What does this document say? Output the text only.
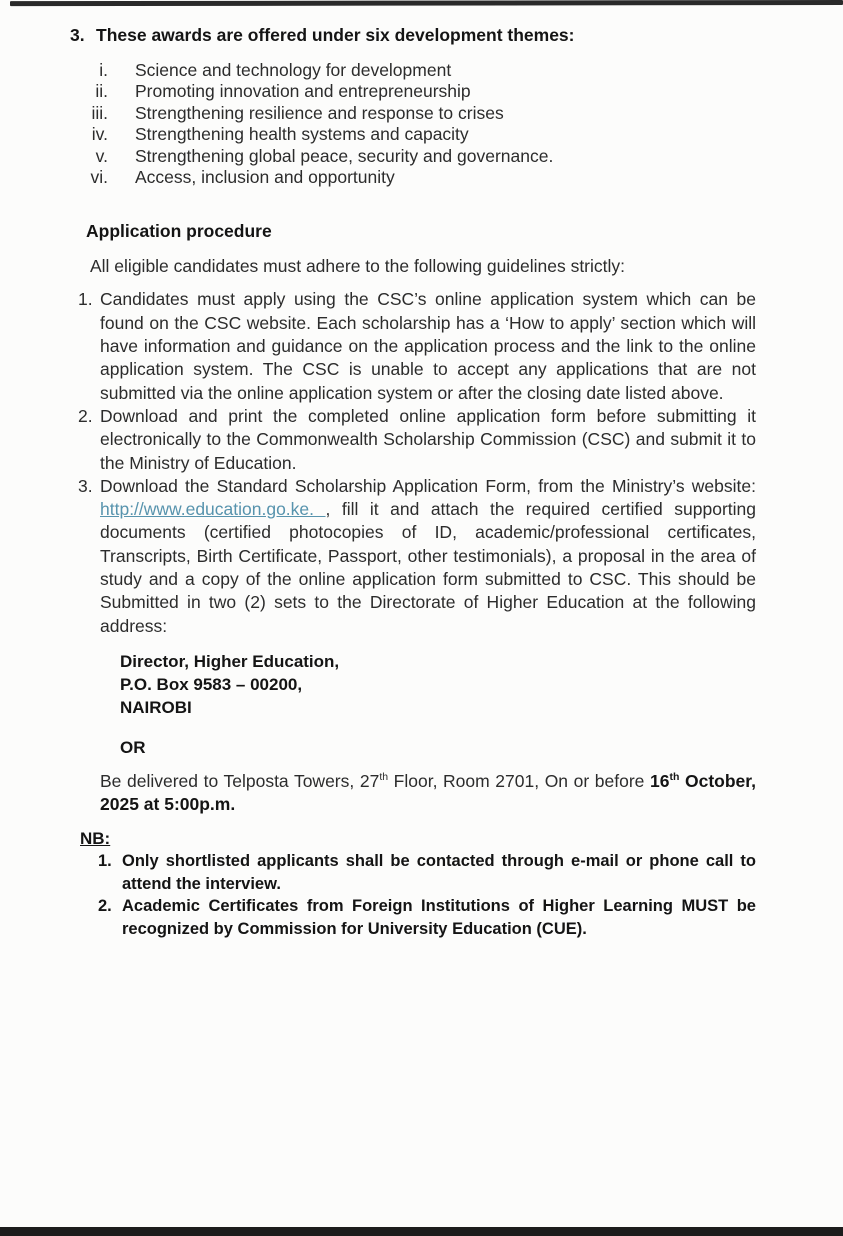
3. These awards are offered under six development themes:
i. Science and technology for development
ii. Promoting innovation and entrepreneurship
iii. Strengthening resilience and response to crises
iv. Strengthening health systems and capacity
v. Strengthening global peace, security and governance.
vi. Access, inclusion and opportunity
Application procedure

All eligible candidates must adhere to the following guidelines strictly:

1. Candidates must apply using the CSC’s online application system which can be found on the CSC website. Each scholarship has a ‘How to apply’ section which will have information and guidance on the application process and the link to the online application system. The CSC is unable to accept any applications that are not submitted via the online application system or after the closing date listed above.

2. Download and print the completed online application form before submitting it electronically to the Commonwealth Scholarship Commission (CSC) and submit it to the Ministry of Education.

3. Download the Standard Scholarship Application Form, from the Ministry’s website: http://www.education.go.ke. , fill it and attach the required certified supporting documents (certified photocopies of ID, academic/professional certificates, Transcripts, Birth Certificate, Passport, other testimonials), a proposal in the area of study and a copy of the online application form submitted to CSC. This should be Submitted in two (2) sets to the Directorate of Higher Education at the following address:

Director, Higher Education,
P.O. Box 9583 – 00200,
NAIROBI
OR

Be delivered to Telposta Towers, 27th Floor, Room 2701, On or before 16th October, 2025 at 5:00p.m.

NB:
1. Only shortlisted applicants shall be contacted through e-mail or phone call to attend the interview.

2. Academic Certificates from Foreign Institutions of Higher Learning MUST be recognized by Commission for University Education (CUE).
